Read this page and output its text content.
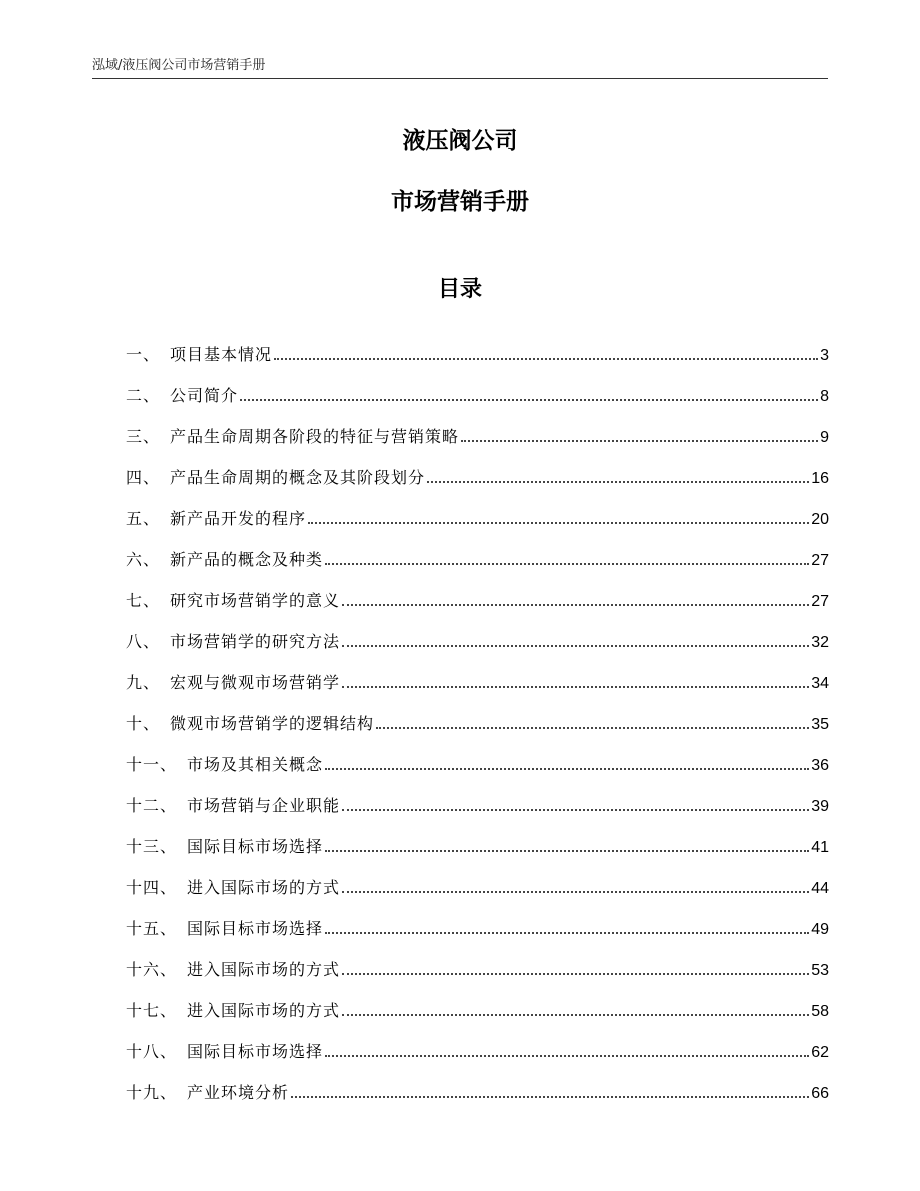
泓域/液压阀公司市场营销手册
液压阀公司
市场营销手册
目录
一、 项目基本情况	3
二、 公司简介	8
三、 产品生命周期各阶段的特征与营销策略	9
四、 产品生命周期的概念及其阶段划分	16
五、 新产品开发的程序	20
六、 新产品的概念及种类	27
七、 研究市场营销学的意义	27
八、 市场营销学的研究方法	32
九、 宏观与微观市场营销学	34
十、 微观市场营销学的逻辑结构	35
十一、 市场及其相关概念	36
十二、 市场营销与企业职能	39
十三、 国际目标市场选择	41
十四、 进入国际市场的方式	44
十五、 国际目标市场选择	49
十六、 进入国际市场的方式	53
十七、 进入国际市场的方式	58
十八、 国际目标市场选择	62
十九、 产业环境分析	66
